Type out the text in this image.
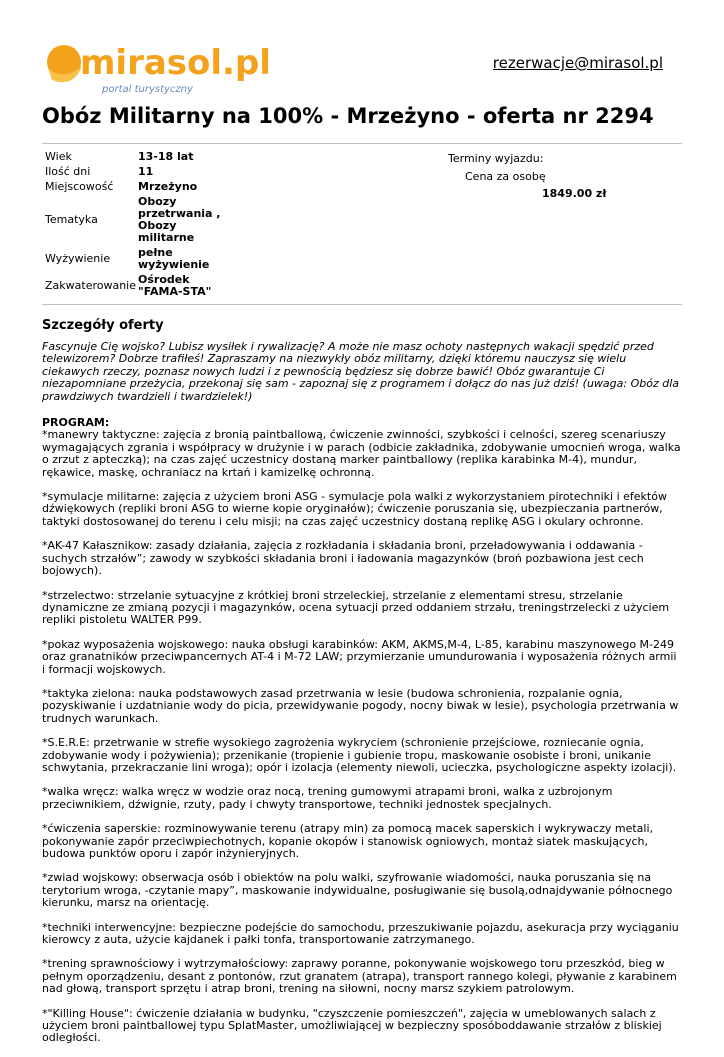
mirasol.pl
portal turystyczny
rezerwacje@mirasol.pl
Obóz Militarny na 100% - Mrzeżyno - oferta nr 2294
Wiek	13-18 lat
Ilość dni	11
Miejscowość	Mrzeżyno
Tematyka	Obozy przetrwania , Obozy militarne
Wyżywienie	pełne wyżywienie
Zakwaterowanie	Ośrodek "FAMA-STA"
Terminy wyjazdu:
Cena za osobę
1849.00 zł
Szczegóły oferty

Fascynuje Cię wojsko? Lubisz wysiłek i rywalizację? A może nie masz ochoty następnych wakacji spędzić przed telewizorem? Dobrze trafiłeś! Zapraszamy na niezwykły obóz militarny, dzięki któremu nauczysz się wielu ciekawych rzeczy, poznasz nowych ludzi i z pewnością będziesz się dobrze bawić! Obóz gwarantuje Ci niezapomniane przeżycia, przekonaj się sam - zapoznaj się z programem i dołącz do nas już dziś! (uwaga: Obóz dla prawdziwych twardzieli i twardzielek!)

PROGRAM:

*manewry taktyczne: zajęcia z bronią paintballową, ćwiczenie zwinności, szybkości i celności, szereg scenariuszy wymagających zgrania i współpracy w drużynie i w parach (odbicie zakładnika, zdobywanie umocnień wroga, walka o zrzut z apteczką); na czas zajęć uczestnicy dostaną marker paintballowy (replika karabinka M-4), mundur, rękawice, maskę, ochraniacz na krtań i kamizelkę ochronną.

*symulacje militarne: zajęcia z użyciem broni ASG - symulacje pola walki z wykorzystaniem pirotechniki i efektów dźwiękowych (repliki broni ASG to wierne kopie oryginałów); ćwiczenie poruszania się, ubezpieczania partnerów, taktyki dostosowanej do terenu i celu misji; na czas zajęć uczestnicy dostaną replikę ASG i okulary ochronne.

*AK-47 Kałasznikow: zasady działania, zajęcia z rozkładania i składania broni, przeładowywania i oddawania -suchych strzałów”; zawody w szybkości składania broni i ładowania magazynków (broń pozbawiona jest cech bojowych).

*strzelectwo: strzelanie sytuacyjne z krótkiej broni strzeleckiej, strzelanie z elementami stresu, strzelanie dynamiczne ze zmianą pozycji i magazynków, ocena sytuacji przed oddaniem strzału, treningstrzelecki z użyciem repliki pistoletu WALTER P99.

*pokaz wyposażenia wojskowego: nauka obsługi karabinków: AKM, AKMS,M-4, L-85, karabinu maszynowego M-249 oraz granatników przeciwpancernych AT-4 i M-72 LAW; przymierzanie umundurowania i wyposażenia różnych armii i formacji wojskowych.

*taktyka zielona: nauka podstawowych zasad przetrwania w lesie (budowa schronienia, rozpalanie ognia, pozyskiwanie i uzdatnianie wody do picia, przewidywanie pogody, nocny biwak w lesie), psychologia przetrwania w trudnych warunkach.

*S.E.R.E: przetrwanie w strefie wysokiego zagrożenia wykryciem (schronienie przejściowe, rozniecanie ognia, zdobywanie wody i pożywienia); przenikanie (tropienie i gubienie tropu, maskowanie osobiste i broni, unikanie schwytania, przekraczanie lini wroga); opór i izolacja (elementy niewoli, ucieczka, psychologiczne aspekty izolacji).

*walka wręcz: walka wręcz w wodzie oraz nocą, trening gumowymi atrapami broni, walka z uzbrojonym przeciwnikiem, dźwignie, rzuty, pady i chwyty transportowe, techniki jednostek specjalnych.

*ćwiczenia saperskie: rozminowywanie terenu (atrapy min) za pomocą macek saperskich i wykrywaczy metali, pokonywanie zapór przeciwpiechotnych, kopanie okopów i stanowisk ogniowych, montaż siatek maskujących, budowa punktów oporu i zapór inżynieryjnych.

*zwiad wojskowy: obserwacja osób i obiektów na polu walki, szyfrowanie wiadomości, nauka poruszania się na terytorium wroga, -czytanie mapy”, maskowanie indywidualne, posługiwanie się busolą,odnajdywanie północnego kierunku, marsz na orientację.

*techniki interwencyjne: bezpieczne podejście do samochodu, przeszukiwanie pojazdu, asekuracja przy wyciąganiu kierowcy z auta, użycie kajdanek i pałki tonfa, transportowanie zatrzymanego.

*trening sprawnościowy i wytrzymałościowy: zaprawy poranne, pokonywanie wojskowego toru przeszkód, bieg w pełnym oporządzeniu, desant z pontonów, rzut granatem (atrapa), transport rannego kolegi, pływanie z karabinem nad głową, transport sprzętu i atrap broni, trening na siłowni, nocny marsz szykiem patrolowym.

*"Killing House": ćwiczenie działania w budynku, "czyszczenie pomieszczeń", zajęcia w umeblowanych salach z użyciem broni paintballowej typu SplatMaster, umożliwiającej w bezpieczny sposóboddawanie strzałów z bliskiej odległości.
